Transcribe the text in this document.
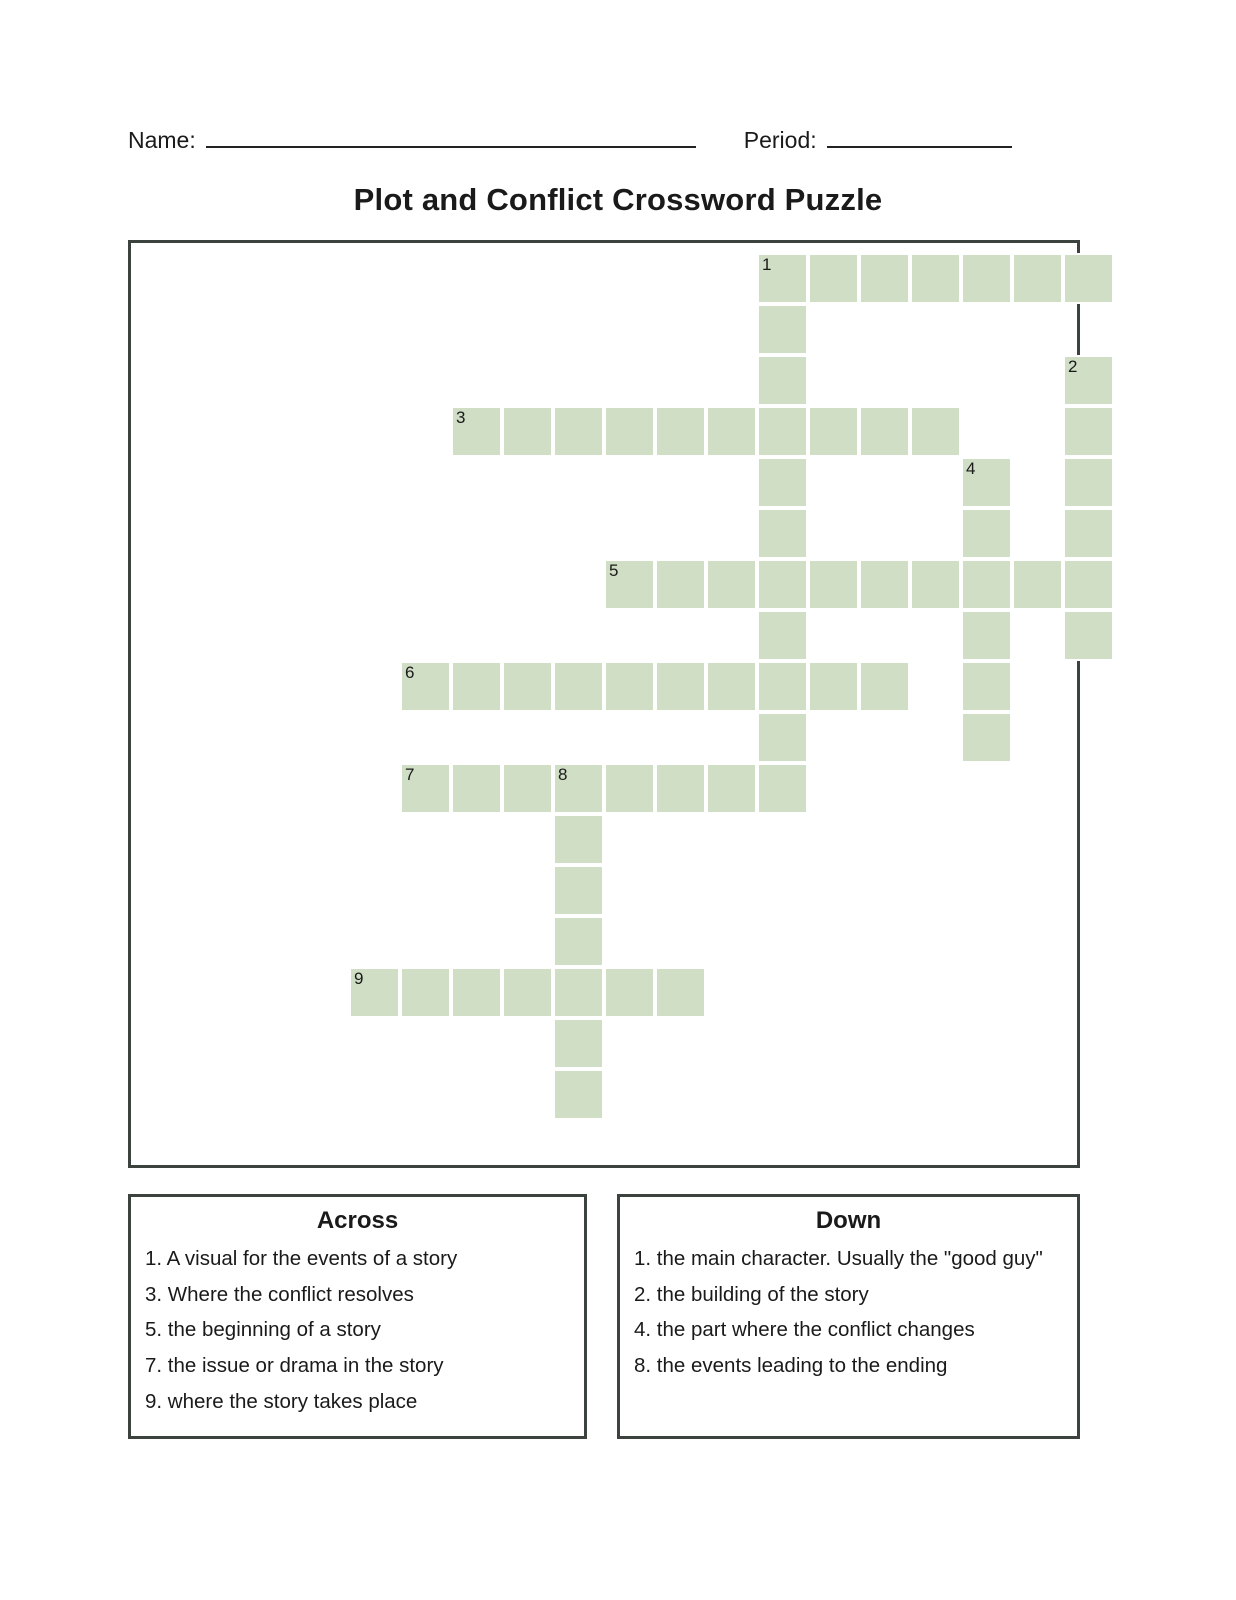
Name:	Period:
Plot and Conflict Crossword Puzzle
1
2
3
4
5
6
7	8
9
Across
1. A visual for the events of a story
3. Where the conflict resolves
5. the beginning of a story
7. the issue or drama in the story
9. where the story takes place
Down
1. the main character. Usually the "good guy"
2. the building of the story
4. the part where the conflict changes
8. the events leading to the ending
